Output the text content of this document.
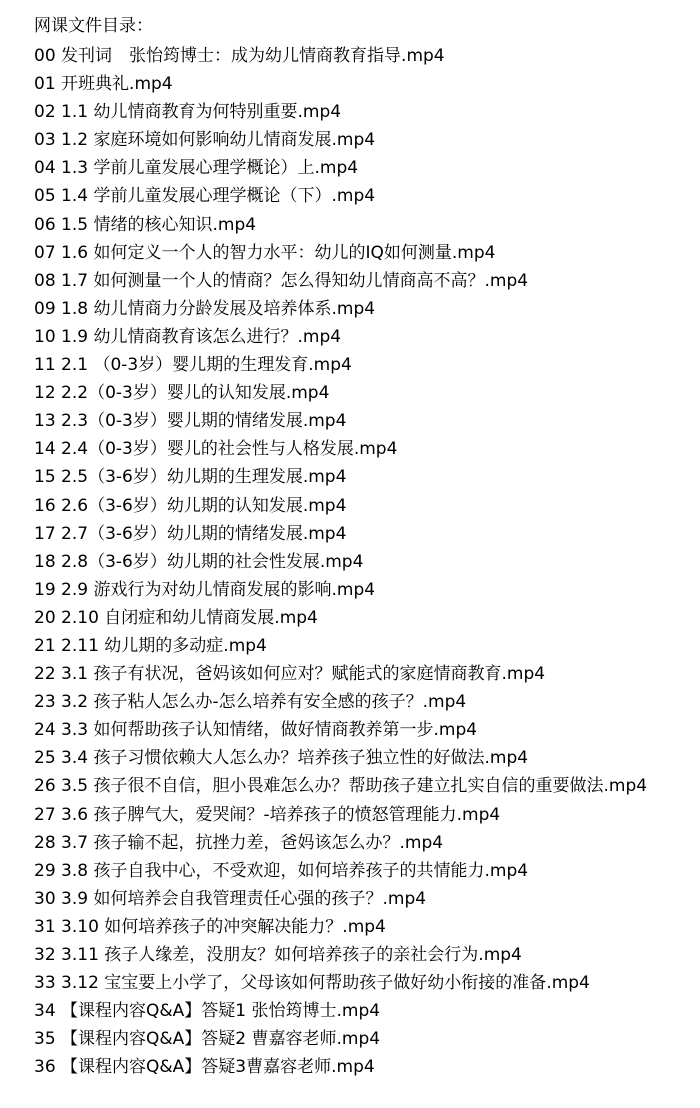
网课文件目录：
00 发刊词　张怡筠博士：成为幼儿情商教育指导.mp4
01 开班典礼.mp4
02 1.1 幼儿情商教育为何特别重要.mp4
03 1.2 家庭环境如何影响幼儿情商发展.mp4
04 1.3 学前儿童发展心理学概论）上.mp4
05 1.4 学前儿童发展心理学概论（下）.mp4
06 1.5 情绪的核心知识.mp4
07 1.6 如何定义一个人的智力水平：幼儿的IQ如何测量.mp4
08 1.7 如何测量一个人的情商？怎么得知幼儿情商高不高？.mp4
09 1.8 幼儿情商力分龄发展及培养体系.mp4
10 1.9 幼儿情商教育该怎么进行？.mp4
11 2.1 （0-3岁）婴儿期的生理发育.mp4
12 2.2（0-3岁）婴儿的认知发展.mp4
13 2.3（0-3岁）婴儿期的情绪发展.mp4
14 2.4（0-3岁）婴儿的社会性与人格发展.mp4
15 2.5（3-6岁）幼儿期的生理发展.mp4
16 2.6（3-6岁）幼儿期的认知发展.mp4
17 2.7（3-6岁）幼儿期的情绪发展.mp4
18 2.8（3-6岁）幼儿期的社会性发展.mp4
19 2.9 游戏行为对幼儿情商发展的影响.mp4
20 2.10 自闭症和幼儿情商发展.mp4
21 2.11 幼儿期的多动症.mp4
22 3.1 孩子有状况，爸妈该如何应对？赋能式的家庭情商教育.mp4
23 3.2 孩子粘人怎么办-怎么培养有安全感的孩子？.mp4
24 3.3 如何帮助孩子认知情绪，做好情商教养第一步.mp4
25 3.4 孩子习惯依赖大人怎么办？培养孩子独立性的好做法.mp4
26 3.5 孩子很不自信，胆小畏难怎么办？帮助孩子建立扎实自信的重要做法.mp4
27 3.6 孩子脾气大，爱哭闹？-培养孩子的愤怒管理能力.mp4
28 3.7 孩子输不起，抗挫力差，爸妈该怎么办？.mp4
29 3.8 孩子自我中心，不受欢迎，如何培养孩子的共情能力.mp4
30 3.9 如何培养会自我管理责任心强的孩子？.mp4
31 3.10 如何培养孩子的冲突解决能力？.mp4
32 3.11 孩子人缘差，没朋友？如何培养孩子的亲社会行为.mp4
33 3.12 宝宝要上小学了，父母该如何帮助孩子做好幼小衔接的准备.mp4
34 【课程内容Q&A】答疑1 张怡筠博士.mp4
35 【课程内容Q&A】答疑2 曹嘉容老师.mp4
36 【课程内容Q&A】答疑3曹嘉容老师.mp4
